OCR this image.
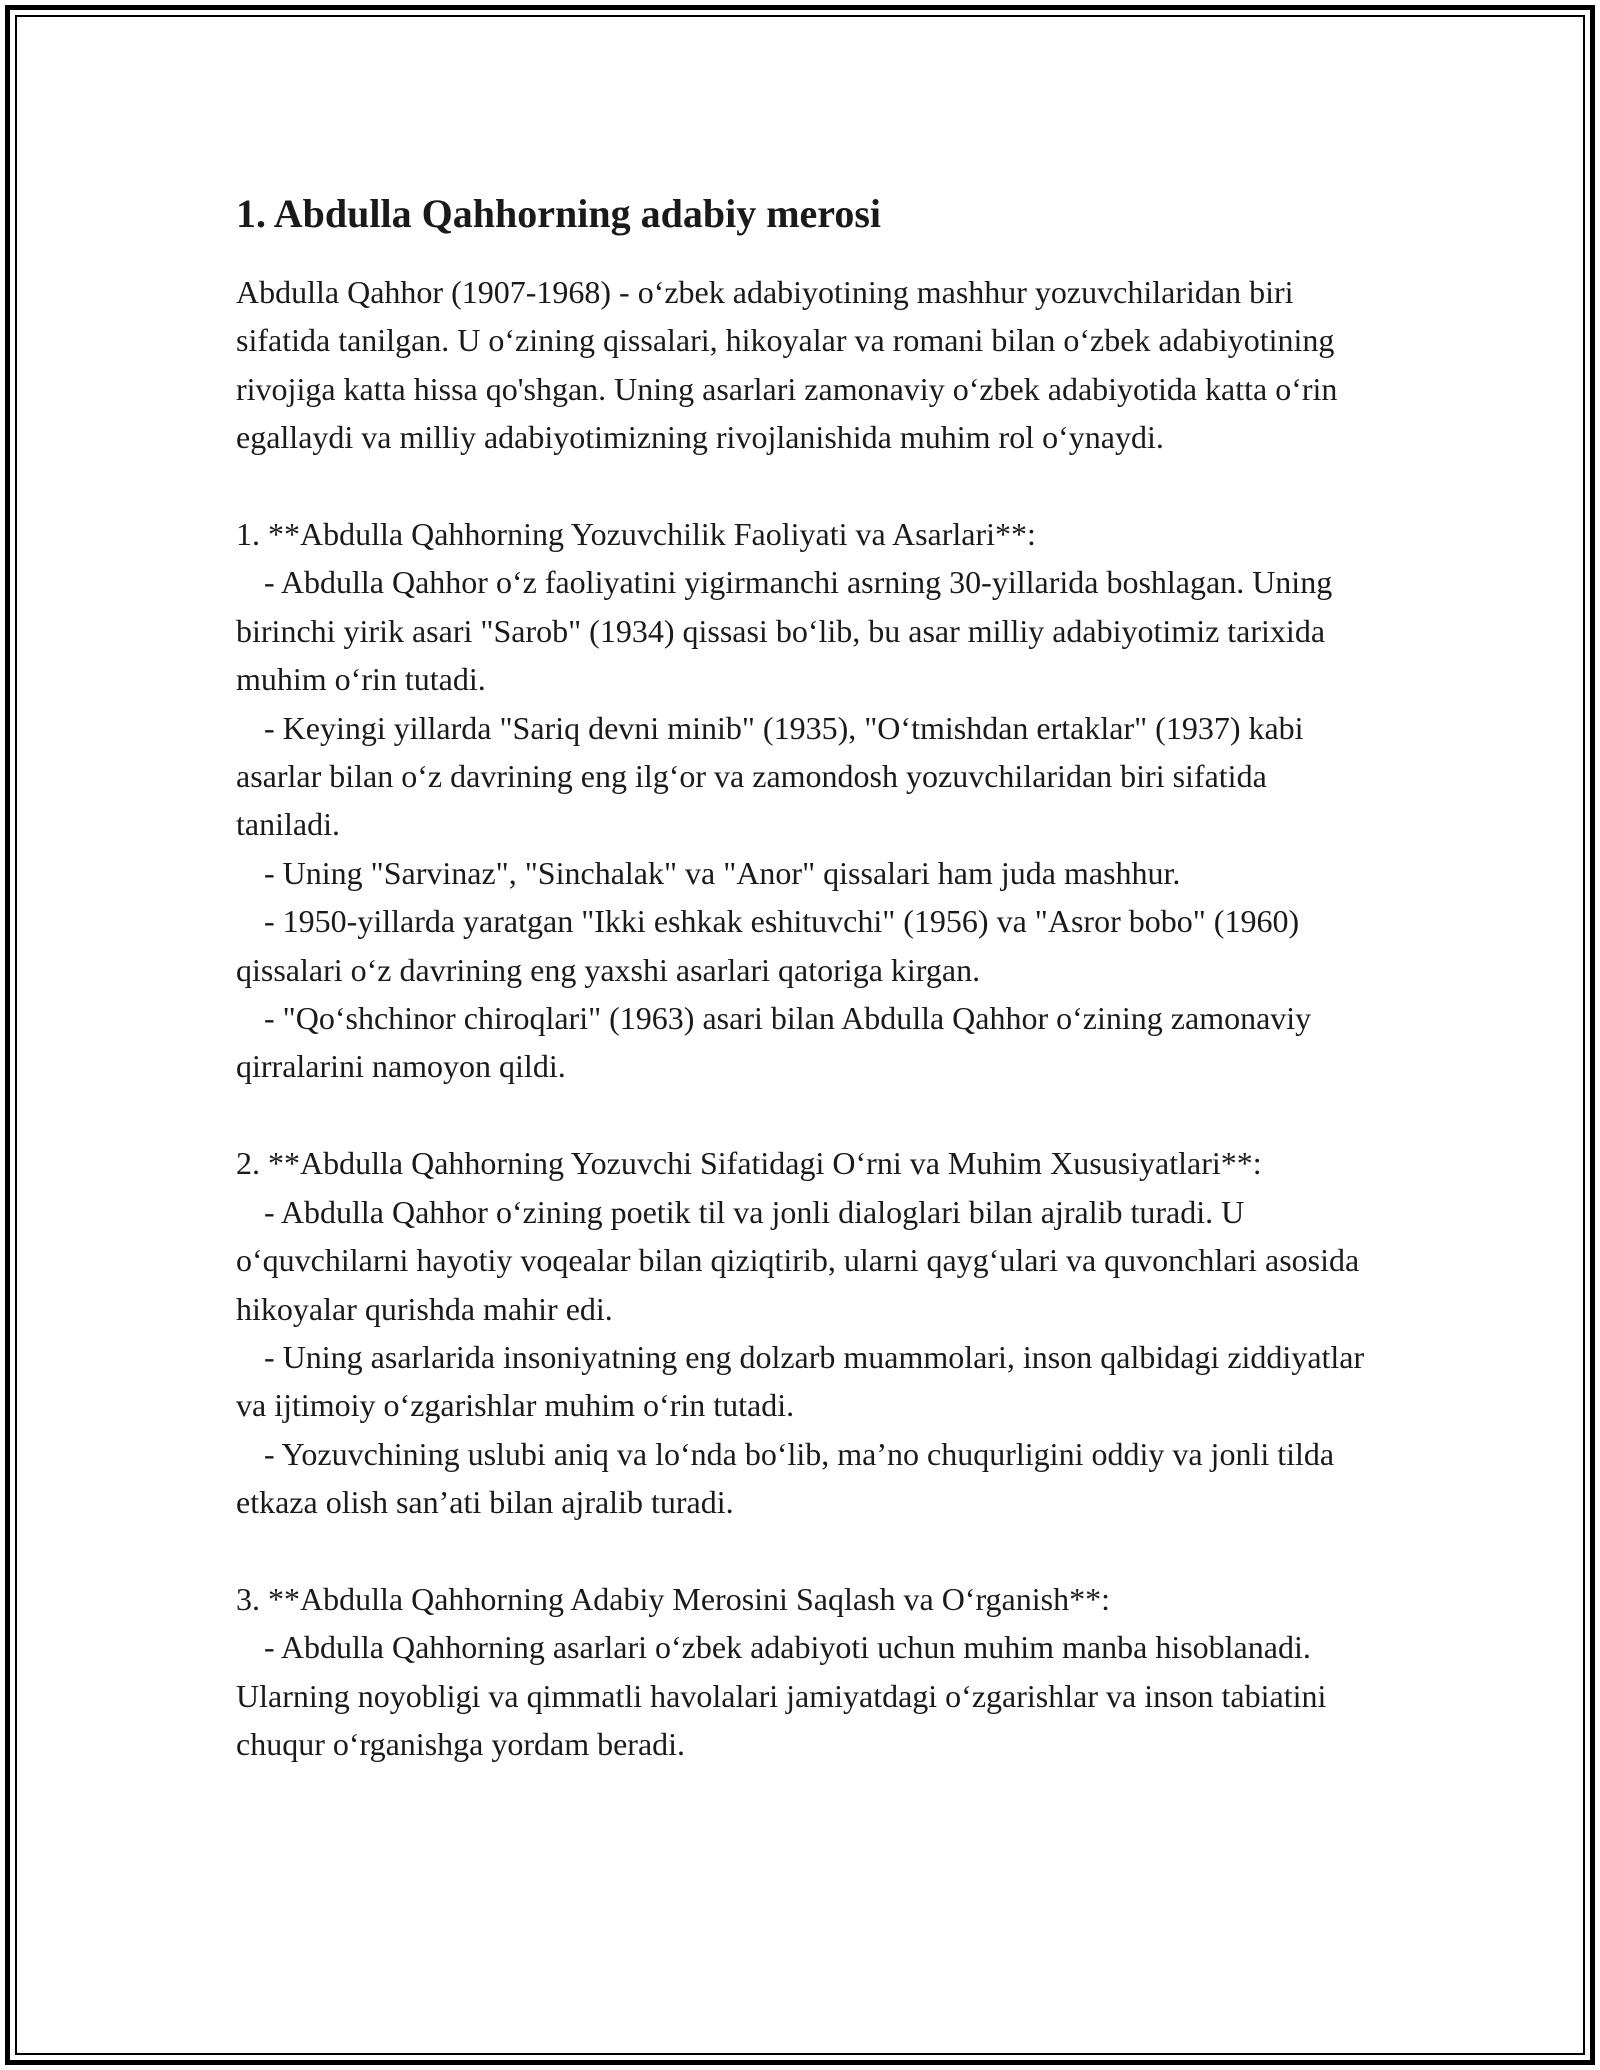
1. Abdulla Qahhorning adabiy merosi

Abdulla Qahhor (1907-1968) - o‘zbek adabiyotining mashhur yozuvchilaridan biri sifatida tanilgan. U o‘zining qissalari, hikoyalar va romani bilan o‘zbek adabiyotining rivojiga katta hissa qo'shgan. Uning asarlari zamonaviy o‘zbek adabiyotida katta o‘rin egallaydi va milliy adabiyotimizning rivojlanishida muhim rol o‘ynaydi.

1. **Abdulla Qahhorning Yozuvchilik Faoliyati va Asarlari**:

- Abdulla Qahhor o‘z faoliyatini yigirmanchi asrning 30-yillarida boshlagan. Uning birinchi yirik asari "Sarob" (1934) qissasi bo‘lib, bu asar milliy adabiyotimiz tarixida muhim o‘rin tutadi.

- Keyingi yillarda "Sariq devni minib" (1935), "O‘tmishdan ertaklar" (1937) kabi asarlar bilan o‘z davrining eng ilg‘or va zamondosh yozuvchilaridan biri sifatida taniladi.

- Uning "Sarvinaz", "Sinchalak" va "Anor" qissalari ham juda mashhur.

- 1950-yillarda yaratgan "Ikki eshkak eshituvchi" (1956) va "Asror bobo" (1960) qissalari o‘z davrining eng yaxshi asarlari qatoriga kirgan.

- "Qo‘shchinor chiroqlari" (1963) asari bilan Abdulla Qahhor o‘zining zamonaviy qirralarini namoyon qildi.

2. **Abdulla Qahhorning Yozuvchi Sifatidagi O‘rni va Muhim Xususiyatlari**:

- Abdulla Qahhor o‘zining poetik til va jonli dialoglari bilan ajralib turadi. U o‘quvchilarni hayotiy voqealar bilan qiziqtirib, ularni qayg‘ulari va quvonchlari asosida hikoyalar qurishda mahir edi.

- Uning asarlarida insoniyatning eng dolzarb muammolari, inson qalbidagi ziddiyatlar va ijtimoiy o‘zgarishlar muhim o‘rin tutadi.

- Yozuvchining uslubi aniq va lo‘nda bo‘lib, ma’no chuqurligini oddiy va jonli tilda etkaza olish san’ati bilan ajralib turadi.

3. **Abdulla Qahhorning Adabiy Merosini Saqlash va O‘rganish**:

- Abdulla Qahhorning asarlari o‘zbek adabiyoti uchun muhim manba hisoblanadi. Ularning noyobligi va qimmatli havolalari jamiyatdagi o‘zgarishlar va inson tabiatini chuqur o‘rganishga yordam beradi.
